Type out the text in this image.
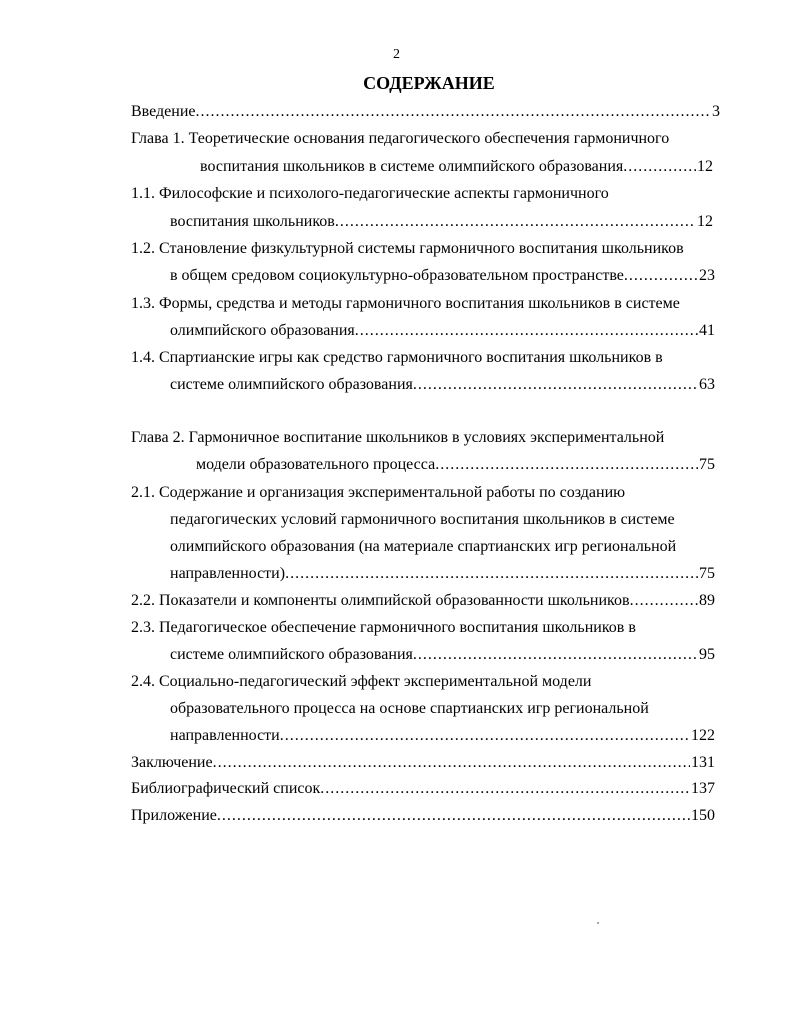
2
СОДЕРЖАНИЕ
Введение .....	3
Глава 1. Теоретические основания педагогического обеспечения гармоничного
воспитания школьников в системе олимпийского образования .....	12
1.1. Философские и психолого-педагогические аспекты гармоничного
воспитания школьников .....	12
1.2. Становление физкультурной системы гармоничного воспитания школьников
в общем средовом социокультурно-образовательном пространстве .....	23
1.3. Формы, средства и методы гармоничного воспитания школьников в системе
олимпийского образования .....	41
1.4. Спартианские игры как средство гармоничного воспитания школьников в
системе олимпийского образования .....	63
Глава 2. Гармоничное воспитание школьников в условиях экспериментальной
модели образовательного процесса .....	75
2.1. Содержание и организация экспериментальной работы по созданию
педагогических условий гармоничного воспитания школьников в системе
олимпийского образования (на материале спартианских игр региональной
направленности) .....	75
2.2. Показатели и компоненты олимпийской образованности школьников .....	89
2.3. Педагогическое обеспечение гармоничного воспитания школьников в
системе олимпийского образования .....	95
2.4. Социально-педагогический эффект экспериментальной модели
образовательного процесса на основе спартианских игр региональной
направленности .....	122
Заключение .....	131
Библиографический список .....	137
Приложение .....	150
